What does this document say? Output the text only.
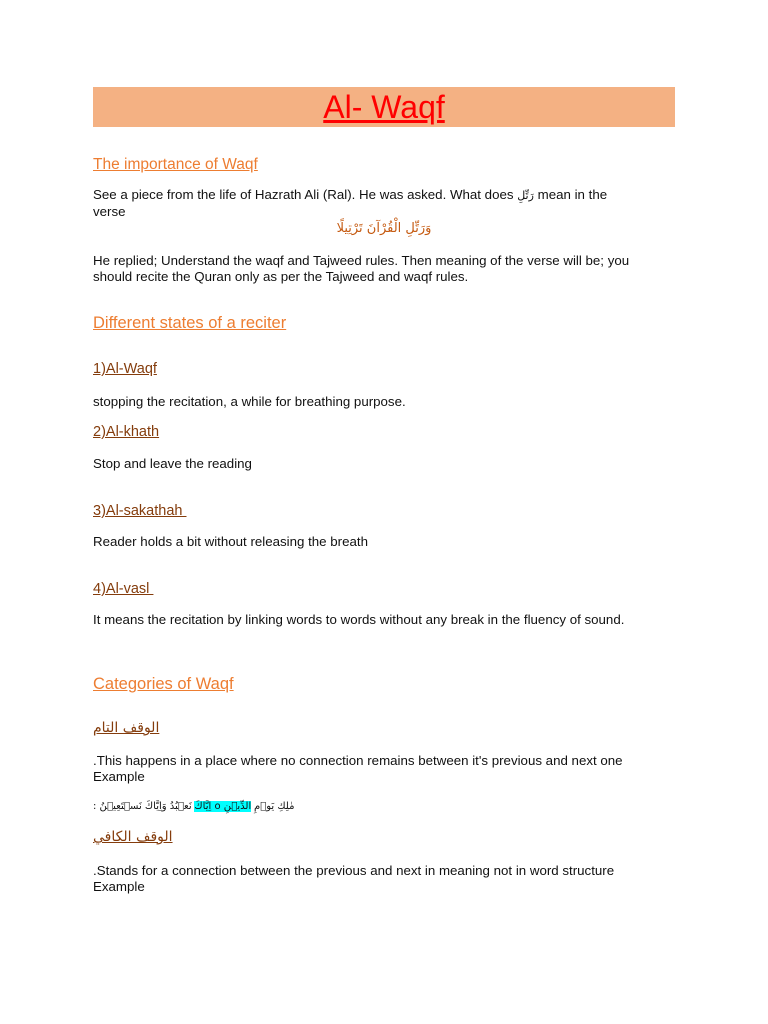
Al- Waqf
The importance of Waqf
See a piece from the life of Hazrath Ali (Ral). He was asked. What does رَتِّلِ mean in the
verse
وَرَتِّلِ الْقُرْآنَ تَرْتِيلًا
He replied; Understand the waqf and Tajweed rules. Then meaning of the verse will be; you
should recite the Quran only as per the Tajweed and waqf rules.
Different states of a reciter
1)Al-Waqf
stopping the recitation, a while for breathing purpose.
2)Al-khath
Stop and leave the reading
3)Al-sakathah
Reader holds a bit without releasing the breath
4)Al-vasl
It means the recitation by linking words to words without any break in the fluency of sound.
Categories of Waqf
الوقف التام
.This happens in a place where no connection remains between it's previous and next one
Example
مٰلِكِ يَوۡمِ الدِّيۡنِ o اِيَّاكَ نَعۡبُدُ وَاِيَّاكَ نَسۡتَعِيۡنُ :
الوقف الكافي
.Stands for a connection between the previous and next in meaning not in word structure
Example
